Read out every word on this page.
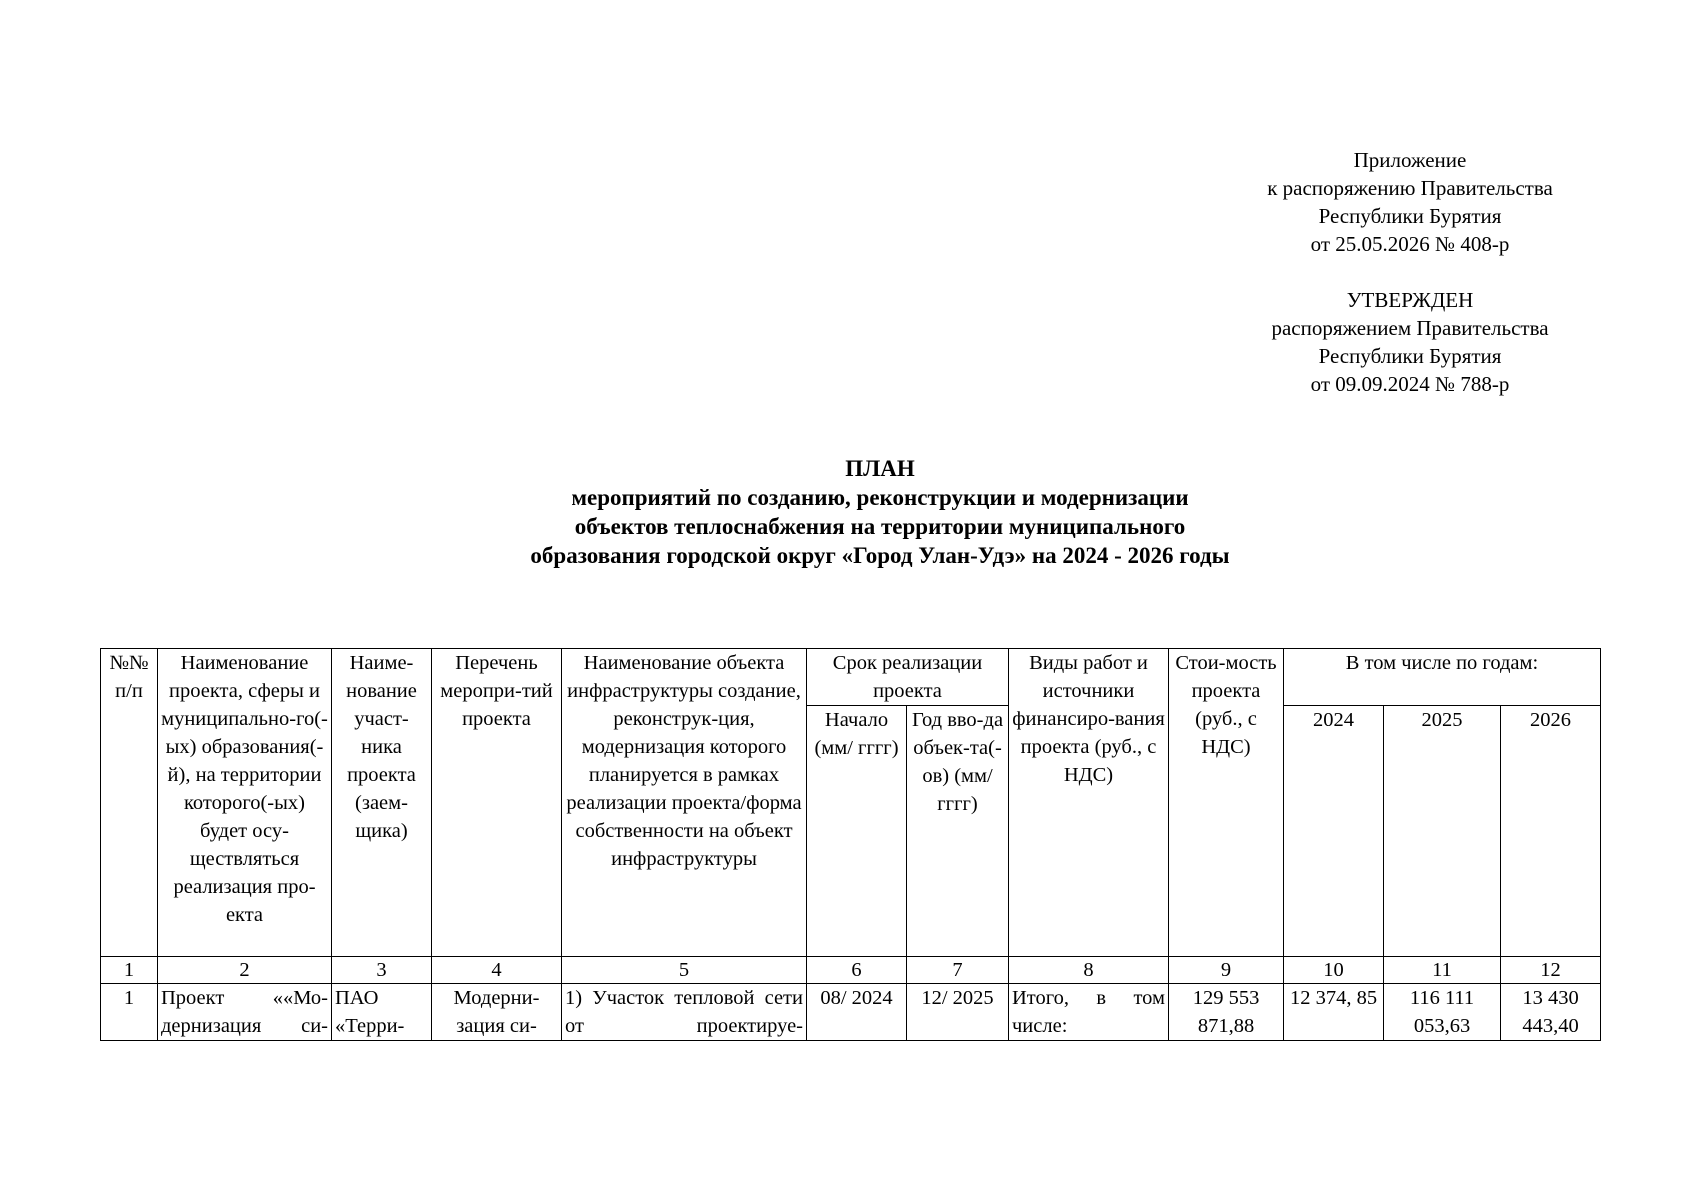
Приложение

к распоряжению Правительства

Республики Бурятия

от 25.05.2026 № 408-р

УТВЕРЖДЕН

распоряжением Правительства

Республики Бурятия

от 09.09.2024 № 788-р

ПЛАН

мероприятий по созданию, реконструкции и модернизации

объектов теплоснабжения на территории муниципального

образования городской округ «Город Улан-Удэ» на 2024 - 2026 годы

№№ п/п	Наименование проекта, сферы и муниципально-го(-ых) образования(-й), на территории которого(-ых) будет осу-ществляться реализация про-екта	Наиме-нование участ-ника проекта (заем-щика)	Перечень меропри-тий проекта	Наименование объекта инфраструктуры создание, реконструк-ция, модернизация которого планируется в рамках реализации проекта/форма собственности на объект инфраструктуры	Срок реализации проекта		Виды работ и источники финансиро-вания проекта (руб., с НДС)	Стои-мость проекта (руб., с НДС)	В том числе по годам:		
					Начало (мм/ гггг)	Год вво-да объек-та(-ов) (мм/гггг)			2024	2025	2026
1	2	3	4	5	6	7	8	9	10	11	12
1	Проект ««Мо-дернизация си-	ПАО «Терри-	Модерни-зация си-	1) Участок тепловой сети от проектируе-	08/ 2024	12/ 2025	Итого, в том числе:	129 553 871,88	12 374, 85	116 111 053,63	13 430 443,40
